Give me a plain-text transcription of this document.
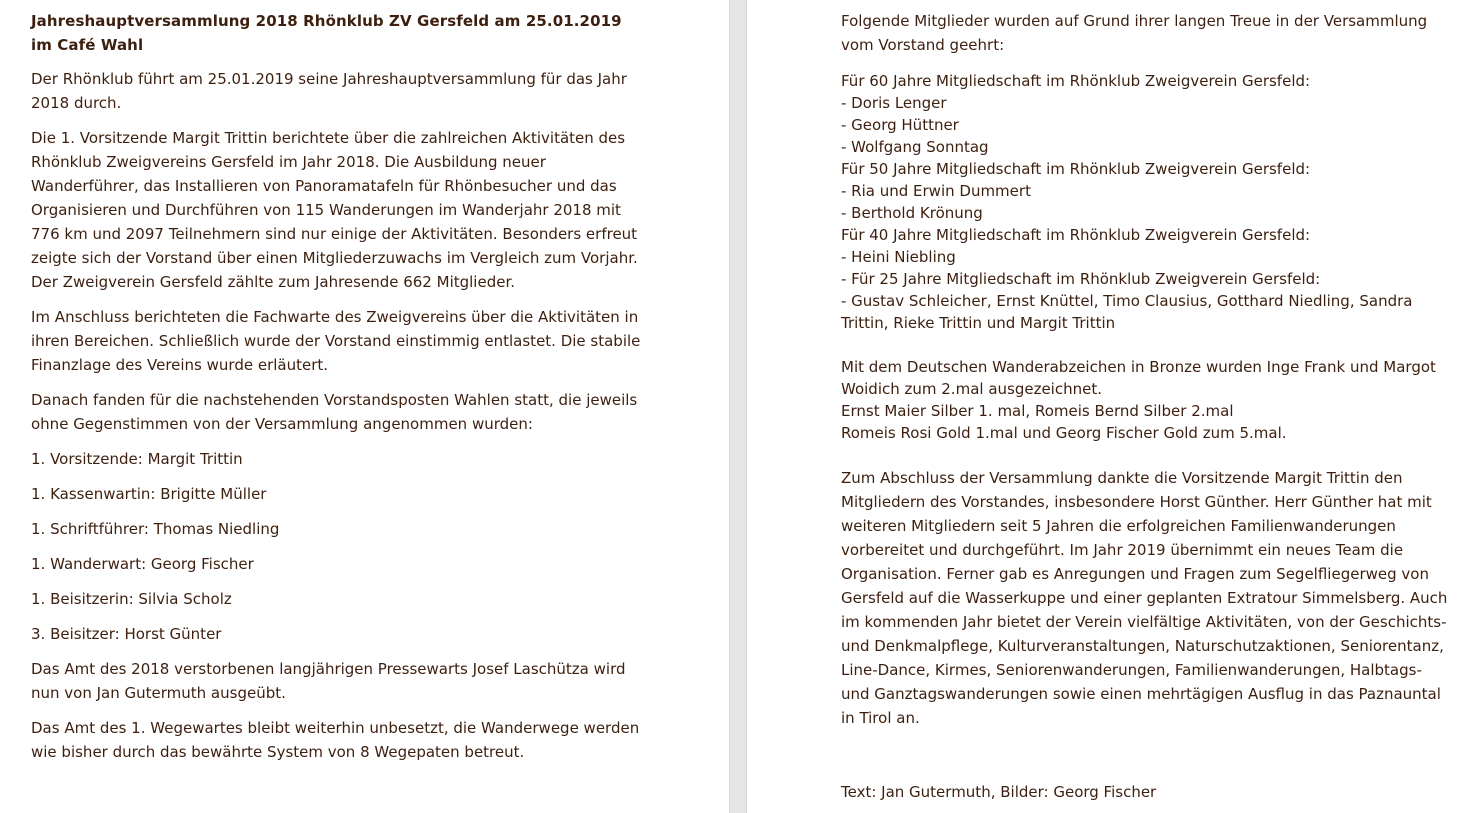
Jahreshauptversammlung 2018 Rhönklub ZV Gersfeld am 25.01.2019 im Café Wahl

Der Rhönklub führt am 25.01.2019 seine Jahreshauptversammlung für das Jahr 2018 durch.

Die 1. Vorsitzende Margit Trittin berichtete über die zahlreichen Aktivitäten des Rhönklub Zweigvereins Gersfeld im Jahr 2018. Die Ausbildung neuer Wanderführer, das Installieren von Panoramatafeln für Rhönbesucher und das Organisieren und Durchführen von 115 Wanderungen im Wanderjahr 2018 mit 776 km und 2097 Teilnehmern sind nur einige der Aktivitäten. Besonders erfreut zeigte sich der Vorstand über einen Mitgliederzuwachs im Vergleich zum Vorjahr. Der Zweigverein Gersfeld zählte zum Jahresende 662 Mitglieder.

Im Anschluss berichteten die Fachwarte des Zweigvereins über die Aktivitäten in ihren Bereichen. Schließlich wurde der Vorstand einstimmig entlastet. Die stabile Finanzlage des Vereins wurde erläutert.

Danach fanden für die nachstehenden Vorstandsposten Wahlen statt, die jeweils ohne Gegenstimmen von der Versammlung angenommen wurden:

1. Vorsitzende: Margit Trittin

1. Kassenwartin: Brigitte Müller

1. Schriftführer: Thomas Niedling

1. Wanderwart: Georg Fischer

1. Beisitzerin: Silvia Scholz

3. Beisitzer: Horst Günter

Das Amt des 2018 verstorbenen langjährigen Pressewarts Josef Laschütza wird nun von Jan Gutermuth ausgeübt.

Das Amt des 1. Wegewartes bleibt weiterhin unbesetzt, die Wanderwege werden wie bisher durch das bewährte System von 8 Wegepaten betreut.

Folgende Mitglieder wurden auf Grund ihrer langen Treue in der Versammlung vom Vorstand geehrt:

Für 60 Jahre Mitgliedschaft im Rhönklub Zweigverein Gersfeld:

- Doris Lenger

- Georg Hüttner

- Wolfgang Sonntag

Für 50 Jahre Mitgliedschaft im Rhönklub Zweigverein Gersfeld:

- Ria und Erwin Dummert

- Berthold Krönung

Für 40 Jahre Mitgliedschaft im Rhönklub Zweigverein Gersfeld:

- Heini Niebling

- Für 25 Jahre Mitgliedschaft im Rhönklub Zweigverein Gersfeld:

- Gustav Schleicher, Ernst Knüttel, Timo Clausius, Gotthard Niedling, Sandra Trittin, Rieke Trittin und Margit Trittin

Mit dem Deutschen Wanderabzeichen in Bronze wurden Inge Frank und Margot Woidich zum 2.mal ausgezeichnet.

Ernst Maier Silber 1. mal, Romeis Bernd Silber 2.mal

Romeis Rosi Gold 1.mal und Georg Fischer Gold zum 5.mal.

Zum Abschluss der Versammlung dankte die Vorsitzende Margit Trittin den Mitgliedern des Vorstandes, insbesondere Horst Günther. Herr Günther hat mit weiteren Mitgliedern seit 5 Jahren die erfolgreichen Familienwanderungen vorbereitet und durchgeführt. Im Jahr 2019 übernimmt ein neues Team die Organisation. Ferner gab es Anregungen und Fragen zum Segelfliegerweg von Gersfeld auf die Wasserkuppe und einer geplanten Extratour Simmelsberg. Auch im kommenden Jahr bietet der Verein vielfältige Aktivitäten, von der Geschichts- und Denkmalpflege, Kulturveranstaltungen, Naturschutzaktionen, Seniorentanz, Line-Dance, Kirmes, Seniorenwanderungen, Familienwanderungen, Halbtags- und Ganztagswanderungen sowie einen mehrtägigen Ausflug in das Paznauntal in Tirol an.

Text: Jan Gutermuth, Bilder: Georg Fischer
